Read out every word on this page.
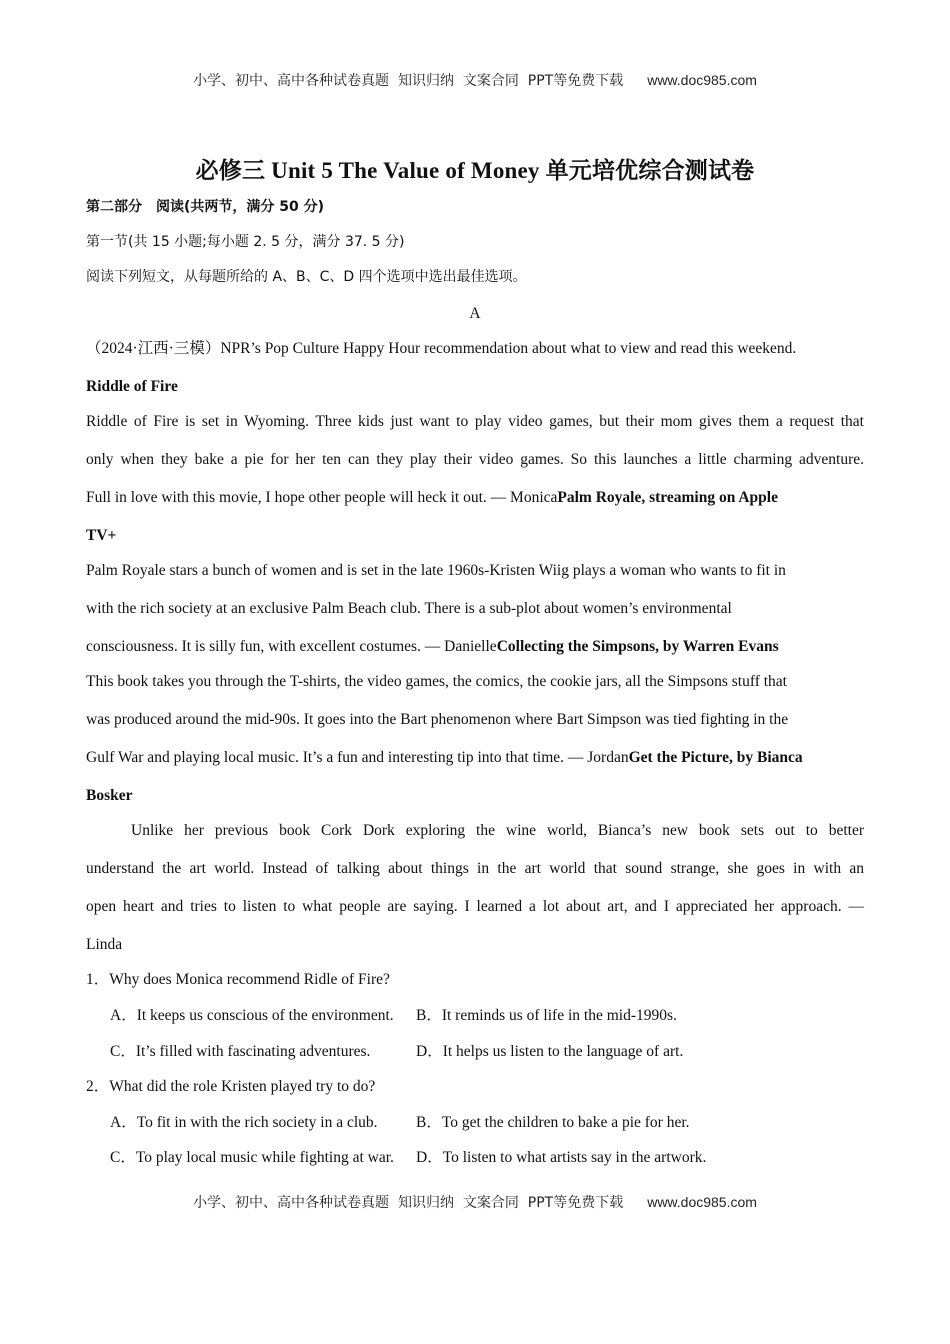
小学、初中、高中各种试卷真题  知识归纳  文案合同  PPT等免费下载 www.doc985.com
必修三 Unit 5 The Value of Money 单元培优综合测试卷
第二部分　阅读(共两节，满分 50 分)
第一节(共 15 小题;每小题 2. 5 分，满分 37. 5 分)
阅读下列短文，从每题所给的 A、B、C、D 四个选项中选出最佳选项。
A
（2024·江西·三模）NPR’s Pop Culture Happy Hour recommendation about what to view and read this weekend.
Riddle of Fire
Riddle of Fire is set in Wyoming. Three kids just want to play video games, but their mom gives them a request that
only when they bake a pie for her ten can they play their video games. So this launches a little charming adventure.
Full in love with this movie, I hope other people will heck it out. — MonicaPalm Royale, streaming on Apple
TV+
Palm Royale stars a bunch of women and is set in the late 1960s-Kristen Wiig plays a woman who wants to fit in
with the rich society at an exclusive Palm Beach club. There is a sub-plot about women’s environmental
consciousness. It is silly fun, with excellent costumes. — DanielleCollecting the Simpsons, by Warren Evans
This book takes you through the T-shirts, the video games, the comics, the cookie jars, all the Simpsons stuff that
was produced around the mid-90s. It goes into the Bart phenomenon where Bart Simpson was tied fighting in the
Gulf War and playing local music. It’s a fun and interesting tip into that time. — JordanGet the Picture, by Bianca
Bosker
Unlike her previous book Cork Dork exploring the wine world, Bianca’s new book sets out to better
understand the art world. Instead of talking about things in the art world that sound strange, she goes in with an
open heart and tries to listen to what people are saying. I learned a lot about art, and I appreciated her approach. —
Linda
1．Why does Monica recommend Ridle of Fire?
A．It keeps us conscious of the environment. B．It reminds us of life in the mid-1990s.
C．It’s filled with fascinating adventures.	D．It helps us listen to the language of art.
2．What did the role Kristen played try to do?
A．To fit in with the rich society in a club. B．To get the children to bake a pie for her.
C．To play local music while fighting at war. D．To listen to what artists say in the artwork.
小学、初中、高中各种试卷真题  知识归纳  文案合同  PPT等免费下载 www.doc985.com
